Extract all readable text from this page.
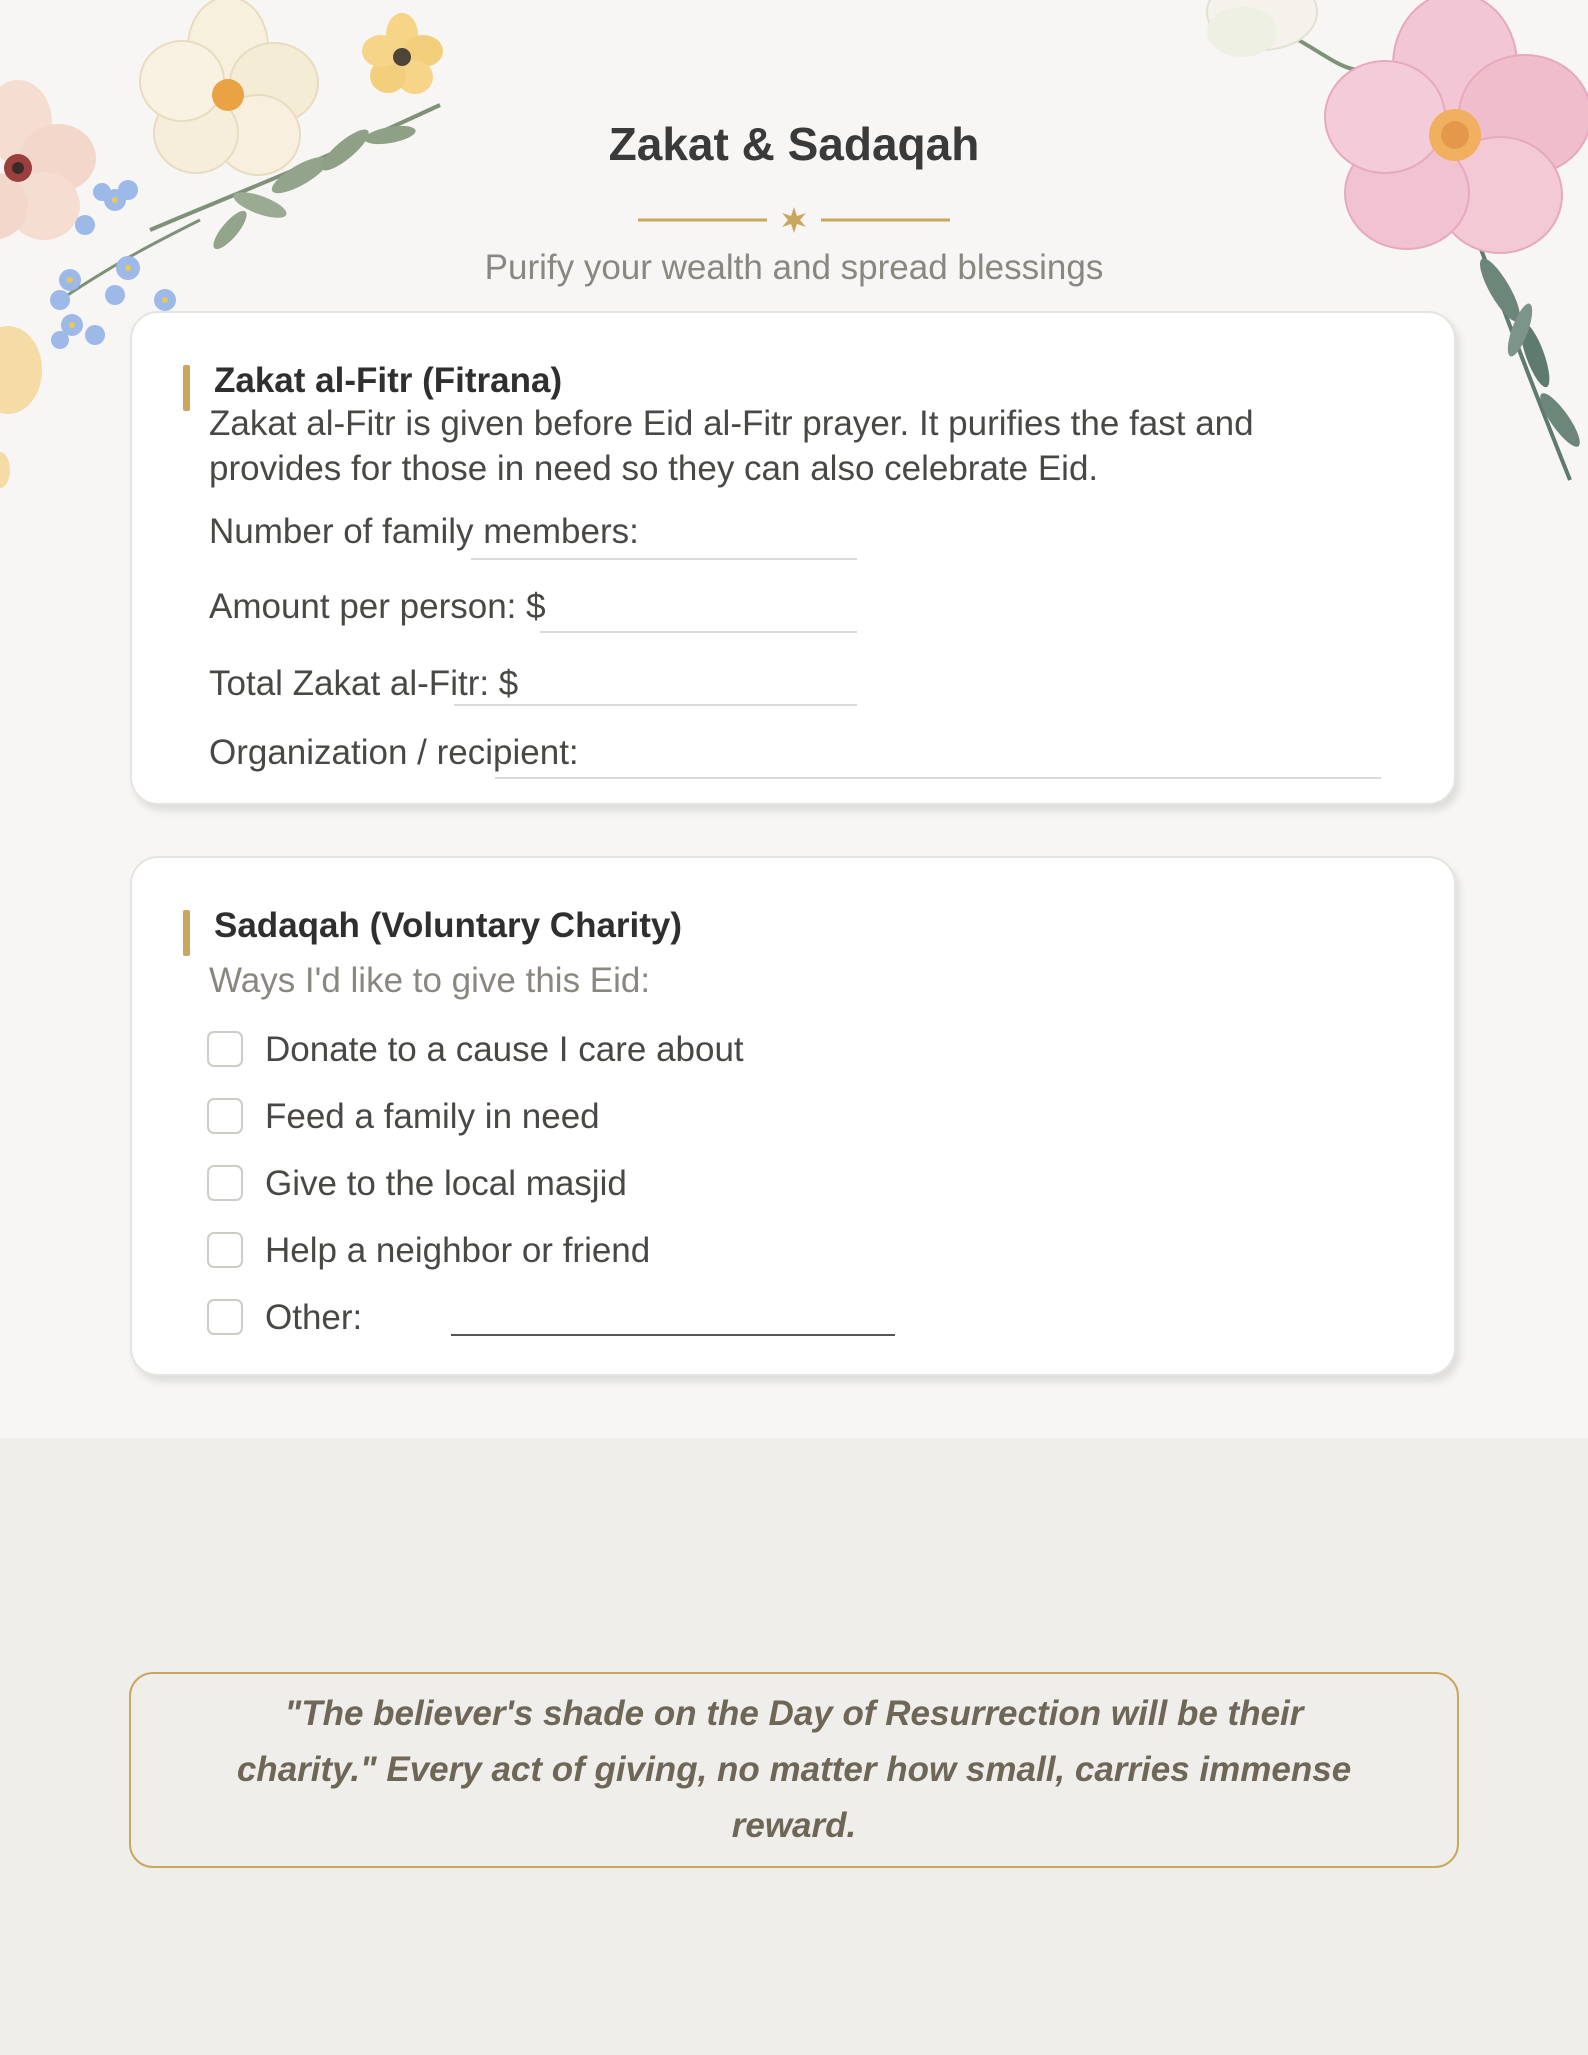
Zakat & Sadaqah
Purify your wealth and spread blessings
Zakat al-Fitr (Fitrana)
Zakat al-Fitr is given before Eid al-Fitr prayer. It purifies the fast and provides for those in need so they can also celebrate Eid.
Number of family members:
Amount per person: $
Total Zakat al-Fitr: $
Organization / recipient:
Sadaqah (Voluntary Charity)
Ways I'd like to give this Eid:
Donate to a cause I care about
Feed a family in need
Give to the local masjid
Help a neighbor or friend
Other:
"The believer's shade on the Day of Resurrection will be their charity." Every act of giving, no matter how small, carries immense reward.
